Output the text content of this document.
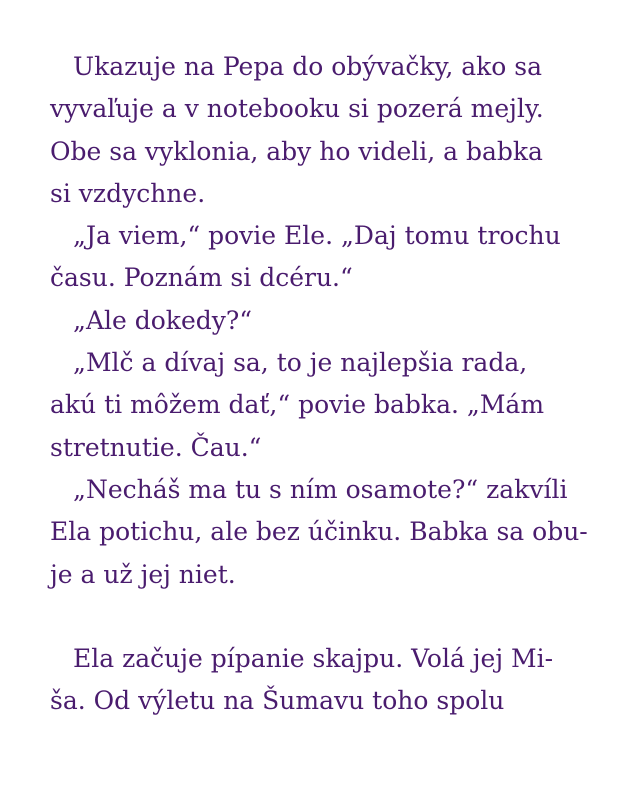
Ukazuje na Pepa do obývačky, ako sa
vyvaľuje a v notebooku si pozerá mejly.
Obe sa vyklonia, aby ho videli, a babka
si vzdychne.
„Ja viem,“ povie Ele. „Daj tomu trochu
času. Poznám si dcéru.“
„Ale dokedy?“
„Mlč a dívaj sa, to je najlepšia rada,
akú ti môžem dať,“ povie babka. „Mám
stretnutie. Čau.“
„Necháš ma tu s ním osamote?“ zakvíli
Ela potichu, ale bez účinku. Babka sa obu-
je a už jej niet.
Ela začuje pípanie skajpu. Volá jej Mi-
ša. Od výletu na Šumavu toho spolu
